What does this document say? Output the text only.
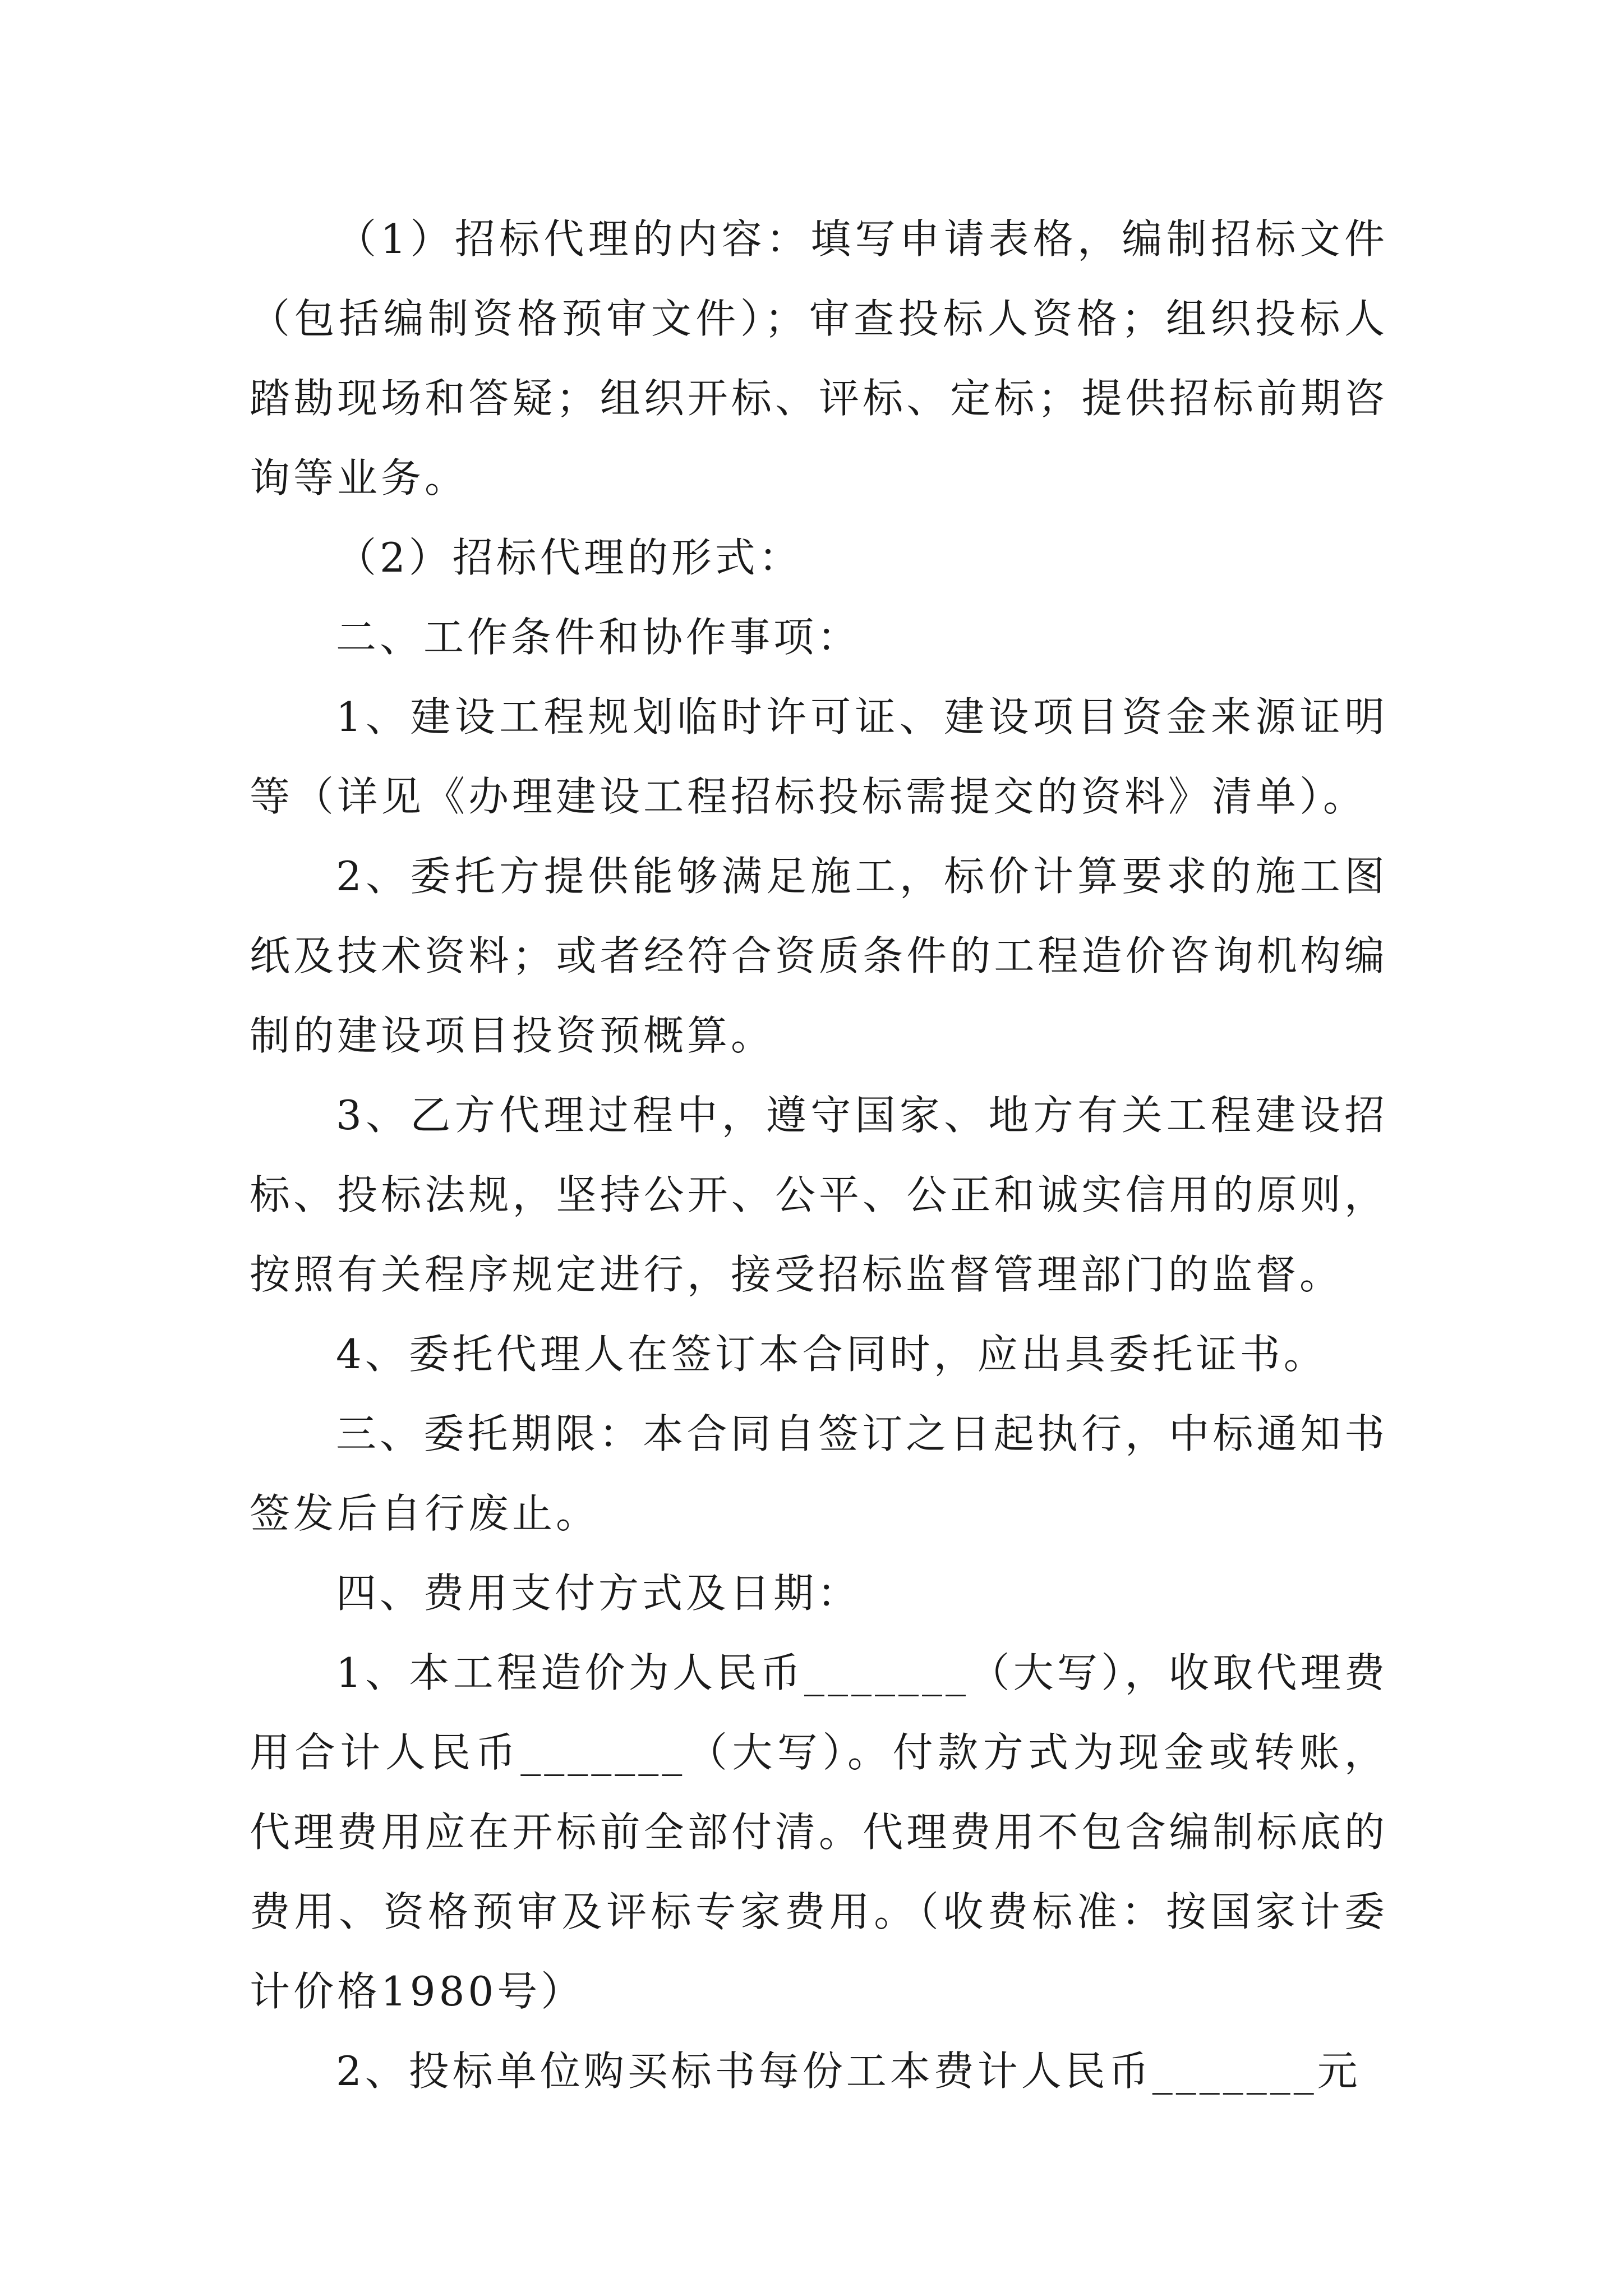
（1）招标代理的内容：填写申请表格，编制招标文件（包括编制资格预审文件）；审查投标人资格；组织投标人踏勘现场和答疑；组织开标、评标、定标；提供招标前期咨询等业务。

（2）招标代理的形式：

二、工作条件和协作事项：

1、建设工程规划临时许可证、建设项目资金来源证明等（详见《办理建设工程招标投标需提交的资料》清单）。

2、委托方提供能够满足施工，标价计算要求的施工图纸及技术资料；或者经符合资质条件的工程造价咨询机构编制的建设项目投资预概算。

3、乙方代理过程中，遵守国家、地方有关工程建设招标、投标法规，坚持公开、公平、公正和诚实信用的原则，按照有关程序规定进行，接受招标监督管理部门的监督。

4、委托代理人在签订本合同时，应出具委托证书。

三、委托期限：本合同自签订之日起执行，中标通知书签发后自行废止。

四、费用支付方式及日期：

1、本工程造价为人民币_______（大写），收取代理费用合计人民币_______（大写）。付款方式为现金或转账，代理费用应在开标前全部付清。代理费用不包含编制标底的费用、资格预审及评标专家费用。（收费标准：按国家计委计价格1980号）

2、投标单位购买标书每份工本费计人民币_______元
